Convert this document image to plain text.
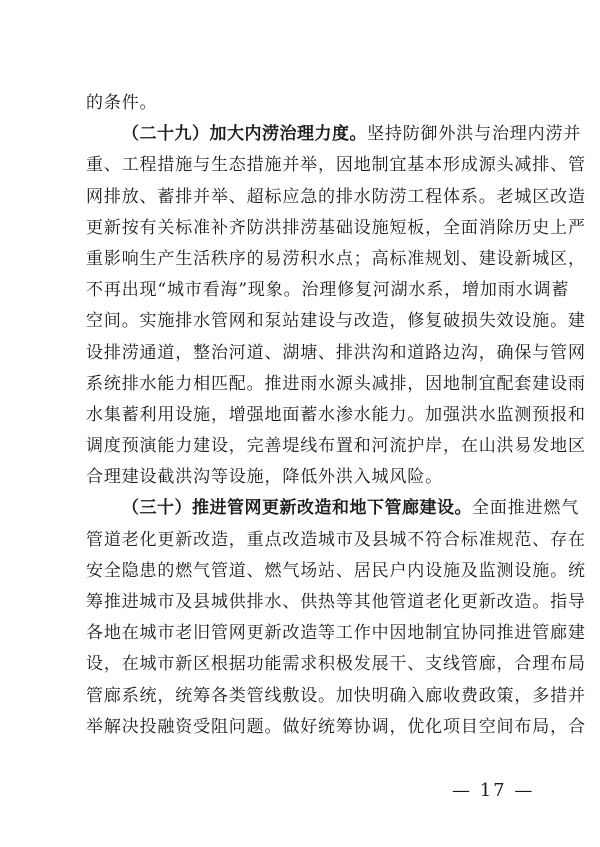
的条件。
（二十九）加大内涝治理力度。坚持防御外洪与治理内涝并
重、工程措施与生态措施并举，因地制宜基本形成源头减排、管
网排放、蓄排并举、超标应急的排水防涝工程体系。老城区改造
更新按有关标准补齐防洪排涝基础设施短板，全面消除历史上严
重影响生产生活秩序的易涝积水点；高标准规划、建设新城区，
不再出现“城市看海”现象。治理修复河湖水系，增加雨水调蓄
空间。实施排水管网和泵站建设与改造，修复破损失效设施。建
设排涝通道，整治河道、湖塘、排洪沟和道路边沟，确保与管网
系统排水能力相匹配。推进雨水源头减排，因地制宜配套建设雨
水集蓄利用设施，增强地面蓄水渗水能力。加强洪水监测预报和
调度预演能力建设，完善堤线布置和河流护岸，在山洪易发地区
合理建设截洪沟等设施，降低外洪入城风险。
（三十）推进管网更新改造和地下管廊建设。全面推进燃气
管道老化更新改造，重点改造城市及县城不符合标准规范、存在
安全隐患的燃气管道、燃气场站、居民户内设施及监测设施。统
筹推进城市及县城供排水、供热等其他管道老化更新改造。指导
各地在城市老旧管网更新改造等工作中因地制宜协同推进管廊建
设，在城市新区根据功能需求积极发展干、支线管廊，合理布局
管廊系统，统筹各类管线敷设。加快明确入廊收费政策，多措并
举解决投融资受阻问题。做好统筹协调，优化项目空间布局，合
— 17 —
